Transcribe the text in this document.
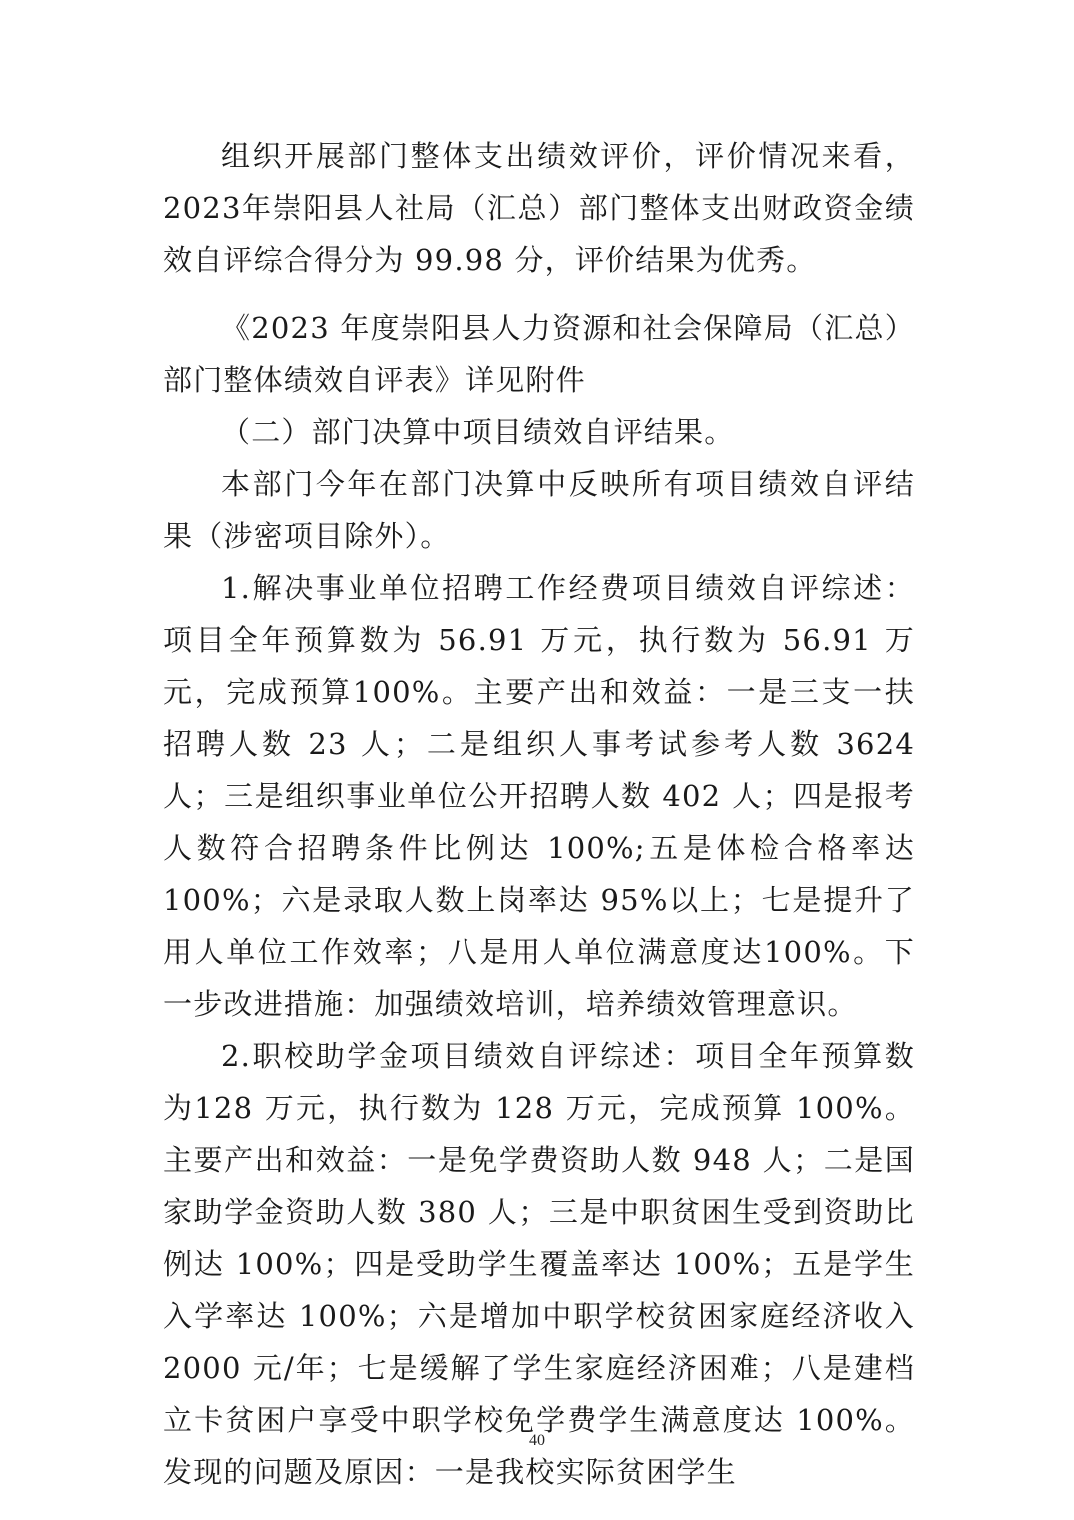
组织开展部门整体支出绩效评价，评价情况来看，2023年崇阳县人社局（汇总）部门整体支出财政资金绩效自评综合得分为 99.98 分，评价结果为优秀。

《2023 年度崇阳县人力资源和社会保障局（汇总）部门整体绩效自评表》详见附件

（二）部门决算中项目绩效自评结果。

本部门今年在部门决算中反映所有项目绩效自评结果（涉密项目除外）。

1.解决事业单位招聘工作经费项目绩效自评综述：项目全年预算数为 56.91 万元，执行数为 56.91 万元，完成预算100%。主要产出和效益：一是三支一扶招聘人数 23 人；二是组织人事考试参考人数 3624 人；三是组织事业单位公开招聘人数 402 人；四是报考人数符合招聘条件比例达 100%;五是体检合格率达 100%；六是录取人数上岗率达 95%以上；七是提升了用人单位工作效率；八是用人单位满意度达100%。下一步改进措施：加强绩效培训，培养绩效管理意识。

2.职校助学金项目绩效自评综述：项目全年预算数为128 万元，执行数为 128 万元，完成预算 100%。主要产出和效益：一是免学费资助人数 948 人；二是国家助学金资助人数 380 人；三是中职贫困生受到资助比例达 100%；四是受助学生覆盖率达 100%；五是学生入学率达 100%；六是增加中职学校贫困家庭经济收入 2000 元/年；七是缓解了学生家庭经济困难；八是建档立卡贫困户享受中职学校免学费学生满意度达 100%。发现的问题及原因：一是我校实际贫困学生

40
